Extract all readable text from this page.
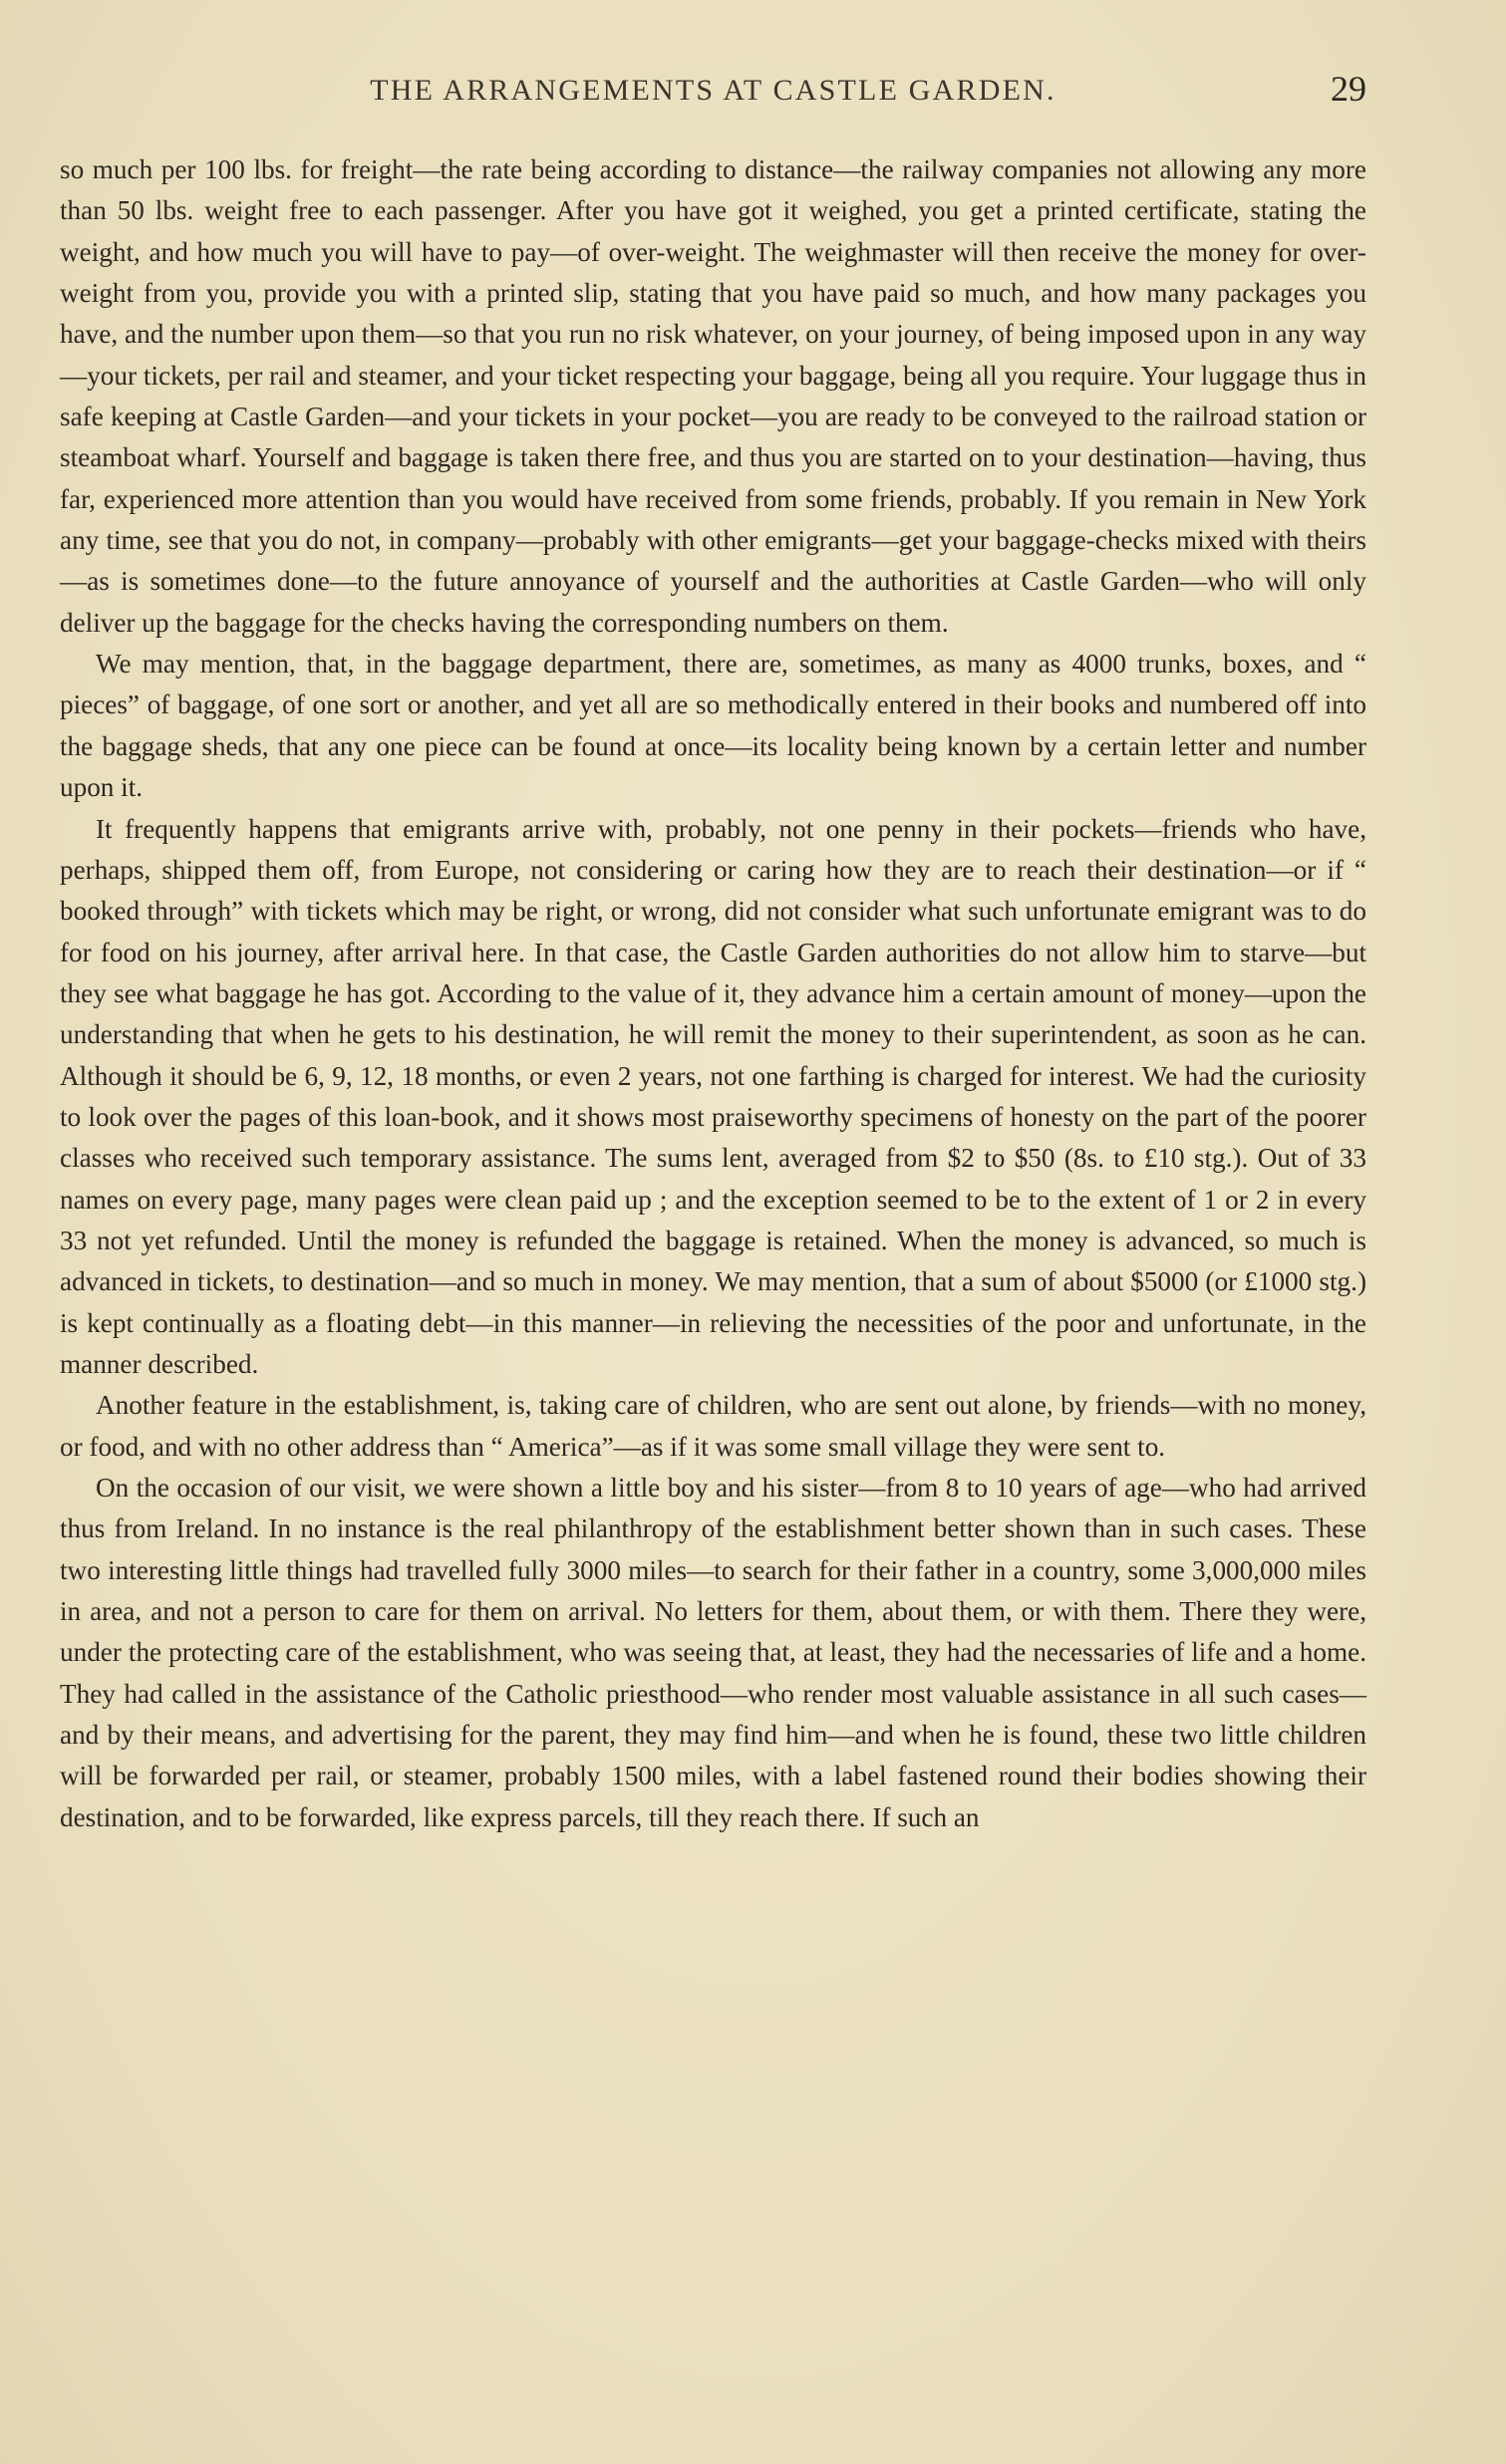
THE ARRANGEMENTS AT CASTLE GARDEN.	29

so much per 100 lbs. for freight—the rate being according to distance—the railway companies not allowing any more than 50 lbs. weight free to each passenger. After you have got it weighed, you get a printed certificate, stating the weight, and how much you will have to pay—of over-weight. The weighmaster will then receive the money for over-weight from you, provide you with a printed slip, stating that you have paid so much, and how many packages you have, and the number upon them—so that you run no risk whatever, on your journey, of being imposed upon in any way—your tickets, per rail and steamer, and your ticket respecting your baggage, being all you require. Your luggage thus in safe keeping at Castle Garden—and your tickets in your pocket—you are ready to be conveyed to the railroad station or steamboat wharf. Yourself and baggage is taken there free, and thus you are started on to your destination—having, thus far, experienced more attention than you would have received from some friends, probably. If you remain in New York any time, see that you do not, in company—probably with other emigrants—get your baggage-checks mixed with theirs—as is sometimes done—to the future annoyance of yourself and the authorities at Castle Garden—who will only deliver up the baggage for the checks having the corresponding numbers on them.

We may mention, that, in the baggage department, there are, sometimes, as many as 4000 trunks, boxes, and “ pieces” of baggage, of one sort or another, and yet all are so methodically entered in their books and numbered off into the baggage sheds, that any one piece can be found at once—its locality being known by a certain letter and number upon it.

It frequently happens that emigrants arrive with, probably, not one penny in their pockets—friends who have, perhaps, shipped them off, from Europe, not considering or caring how they are to reach their destination—or if “ booked through” with tickets which may be right, or wrong, did not consider what such unfortunate emigrant was to do for food on his journey, after arrival here. In that case, the Castle Garden authorities do not allow him to starve—but they see what baggage he has got. According to the value of it, they advance him a certain amount of money—upon the understanding that when he gets to his destination, he will remit the money to their superintendent, as soon as he can. Although it should be 6, 9, 12, 18 months, or even 2 years, not one farthing is charged for interest. We had the curiosity to look over the pages of this loan-book, and it shows most praiseworthy specimens of honesty on the part of the poorer classes who received such temporary assistance. The sums lent, averaged from $2 to $50 (8s. to £10 stg.). Out of 33 names on every page, many pages were clean paid up ; and the exception seemed to be to the extent of 1 or 2 in every 33 not yet refunded. Until the money is refunded the baggage is retained. When the money is advanced, so much is advanced in tickets, to destination—and so much in money. We may mention, that a sum of about $5000 (or £1000 stg.) is kept continually as a floating debt—in this manner—in relieving the necessities of the poor and unfortunate, in the manner described.

Another feature in the establishment, is, taking care of children, who are sent out alone, by friends—with no money, or food, and with no other address than “ America”—as if it was some small village they were sent to.

On the occasion of our visit, we were shown a little boy and his sister—from 8 to 10 years of age—who had arrived thus from Ireland. In no instance is the real philanthropy of the establishment better shown than in such cases. These two interesting little things had travelled fully 3000 miles—to search for their father in a country, some 3,000,000 miles in area, and not a person to care for them on arrival. No letters for them, about them, or with them. There they were, under the protecting care of the establishment, who was seeing that, at least, they had the necessaries of life and a home. They had called in the assistance of the Catholic priesthood—who render most valuable assistance in all such cases—and by their means, and advertising for the parent, they may find him—and when he is found, these two little children will be forwarded per rail, or steamer, probably 1500 miles, with a label fastened round their bodies showing their destination, and to be forwarded, like express parcels, till they reach there. If such an
